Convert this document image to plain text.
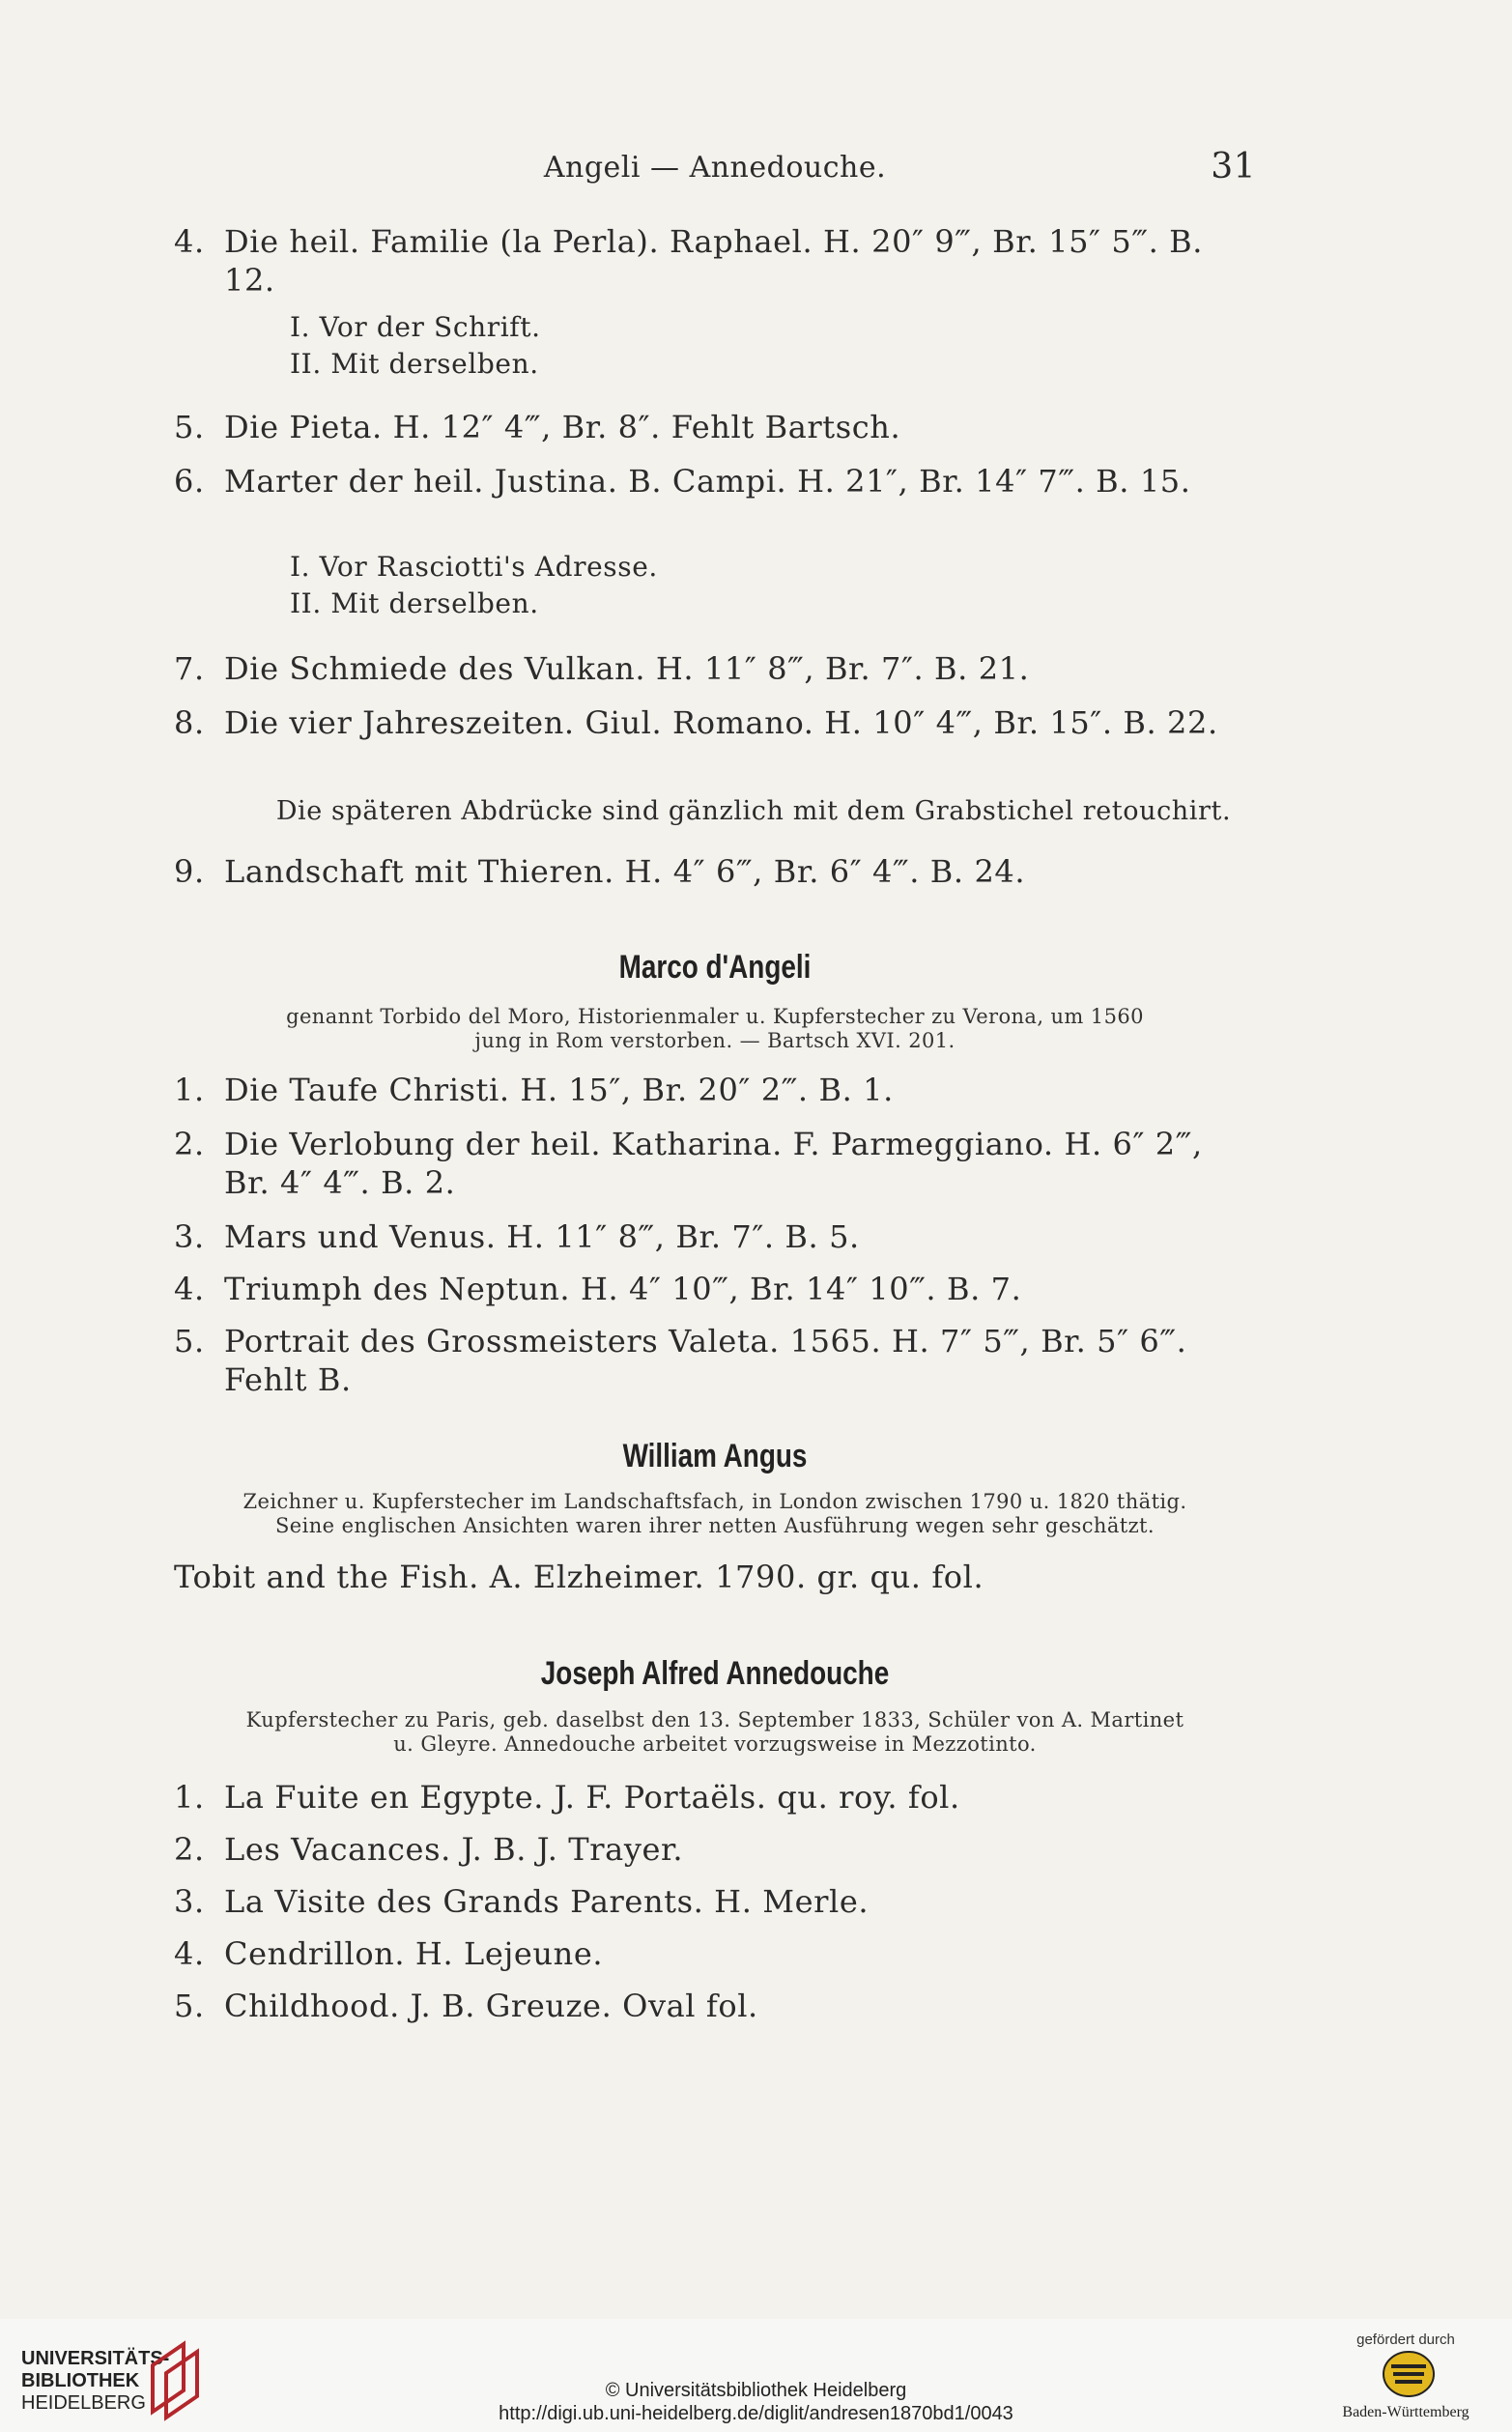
Angeli — Annedouche.	31
4. Die heil. Familie (la Perla). Raphael. H. 20″ 9‴, Br. 15″ 5‴. B. 12.
I. Vor der Schrift.
II. Mit derselben.
5. Die Pieta. H. 12″ 4‴, Br. 8″. Fehlt Bartsch.
6. Marter der heil. Justina. B. Campi. H. 21″, Br. 14″ 7‴. B. 15.
I. Vor Rasciotti's Adresse.
II. Mit derselben.
7. Die Schmiede des Vulkan. H. 11″ 8‴, Br. 7″. B. 21.
8. Die vier Jahreszeiten. Giul. Romano. H. 10″ 4‴, Br. 15″. B. 22.
Die späteren Abdrücke sind gänzlich mit dem Grabstichel retouchirt.
9. Landschaft mit Thieren. H. 4″ 6‴, Br. 6″ 4‴. B. 24.
Marco d'Angeli
genannt Torbido del Moro, Historienmaler u. Kupferstecher zu Verona, um 1560
jung in Rom verstorben. — Bartsch XVI. 201.
1. Die Taufe Christi. H. 15″, Br. 20″ 2‴. B. 1.
2. Die Verlobung der heil. Katharina. F. Parmeggiano. H. 6″ 2‴, Br. 4″ 4‴. B. 2.
3. Mars und Venus. H. 11″ 8‴, Br. 7″. B. 5.
4. Triumph des Neptun. H. 4″ 10‴, Br. 14″ 10‴. B. 7.
5. Portrait des Grossmeisters Valeta. 1565. H. 7″ 5‴, Br. 5″ 6‴. Fehlt B.
William Angus
Zeichner u. Kupferstecher im Landschaftsfach, in London zwischen 1790 u. 1820 thätig.
Seine englischen Ansichten waren ihrer netten Ausführung wegen sehr geschätzt.
Tobit and the Fish. A. Elzheimer. 1790. gr. qu. fol.
Joseph Alfred Annedouche
Kupferstecher zu Paris, geb. daselbst den 13. September 1833, Schüler von A. Martinet
u. Gleyre. Annedouche arbeitet vorzugsweise in Mezzotinto.
1. La Fuite en Egypte. J. F. Portaëls. qu. roy. fol.
2. Les Vacances. J. B. J. Trayer.
3. La Visite des Grands Parents. H. Merle.
4. Cendrillon. H. Lejeune.
5. Childhood. J. B. Greuze. Oval fol.
UNIVERSITÄTS-
BIBLIOTHEK
HEIDELBERG
© Universitätsbibliothek Heidelberg
http://digi.ub.uni-heidelberg.de/diglit/andresen1870bd1/0043
gefördert durch
Baden-Württemberg
